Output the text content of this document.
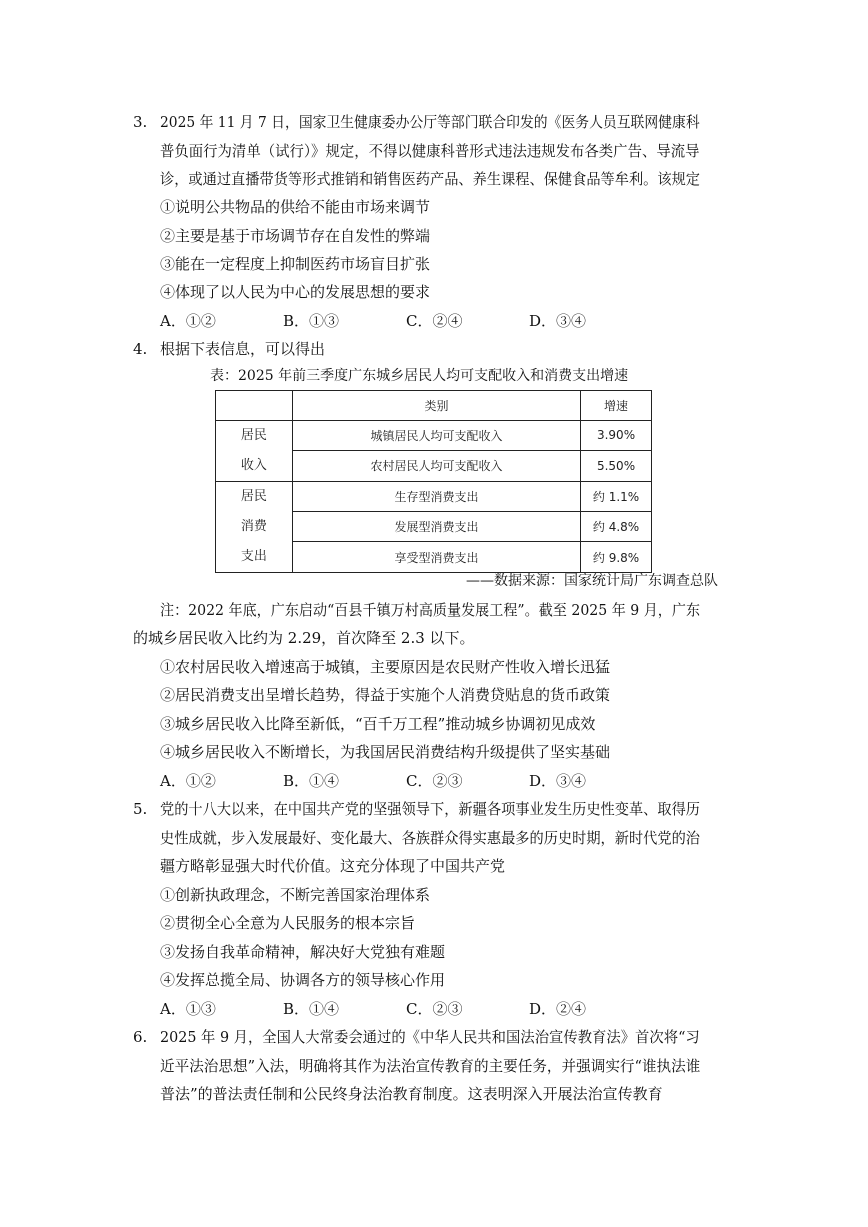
3. 2025 年 11 月 7 日，国家卫生健康委办公厅等部门联合印发的《医务人员互联网健康科
普负面行为清单（试行）》规定，不得以健康科普形式违法违规发布各类广告、导流导
诊，或通过直播带货等形式推销和销售医药产品、养生课程、保健食品等牟利。该规定
①说明公共物品的供给不能由市场来调节
②主要是基于市场调节存在自发性的弊端
③能在一定程度上抑制医药市场盲目扩张
④体现了以人民为中心的发展思想的要求
A．①②	B．①③	C．②④	D．③④
4. 根据下表信息，可以得出
表：2025 年前三季度广东城乡居民人均可支配收入和消费支出增速
	类别	增速

居民
收入	城镇居民人均可支配收入	3.90%
	农村居民人均可支配收入	5.50%

居民
消费
支出	生存型消费支出	约 1.1%
	发展型消费支出	约 4.8%
	享受型消费支出	约 9.8%
——数据来源：国家统计局广东调查总队
注：2022 年底，广东启动“百县千镇万村高质量发展工程”。截至 2025 年 9 月，广东
的城乡居民收入比约为 2.29，首次降至 2.3 以下。
①农村居民收入增速高于城镇，主要原因是农民财产性收入增长迅猛
②居民消费支出呈增长趋势，得益于实施个人消费贷贴息的货币政策
③城乡居民收入比降至新低，“百千万工程”推动城乡协调初见成效
④城乡居民收入不断增长，为我国居民消费结构升级提供了坚实基础
A．①②	B．①④	C．②③	D．③④
5. 党的十八大以来，在中国共产党的坚强领导下，新疆各项事业发生历史性变革、取得历
史性成就，步入发展最好、变化最大、各族群众得实惠最多的历史时期，新时代党的治
疆方略彰显强大时代价值。这充分体现了中国共产党
①创新执政理念，不断完善国家治理体系
②贯彻全心全意为人民服务的根本宗旨
③发扬自我革命精神，解决好大党独有难题
④发挥总揽全局、协调各方的领导核心作用
A．①③	B．①④	C．②③	D．②④
6. 2025 年 9 月，全国人大常委会通过的《中华人民共和国法治宣传教育法》首次将“习
近平法治思想”入法，明确将其作为法治宣传教育的主要任务，并强调实行“谁执法谁
普法”的普法责任制和公民终身法治教育制度。这表明深入开展法治宣传教育
